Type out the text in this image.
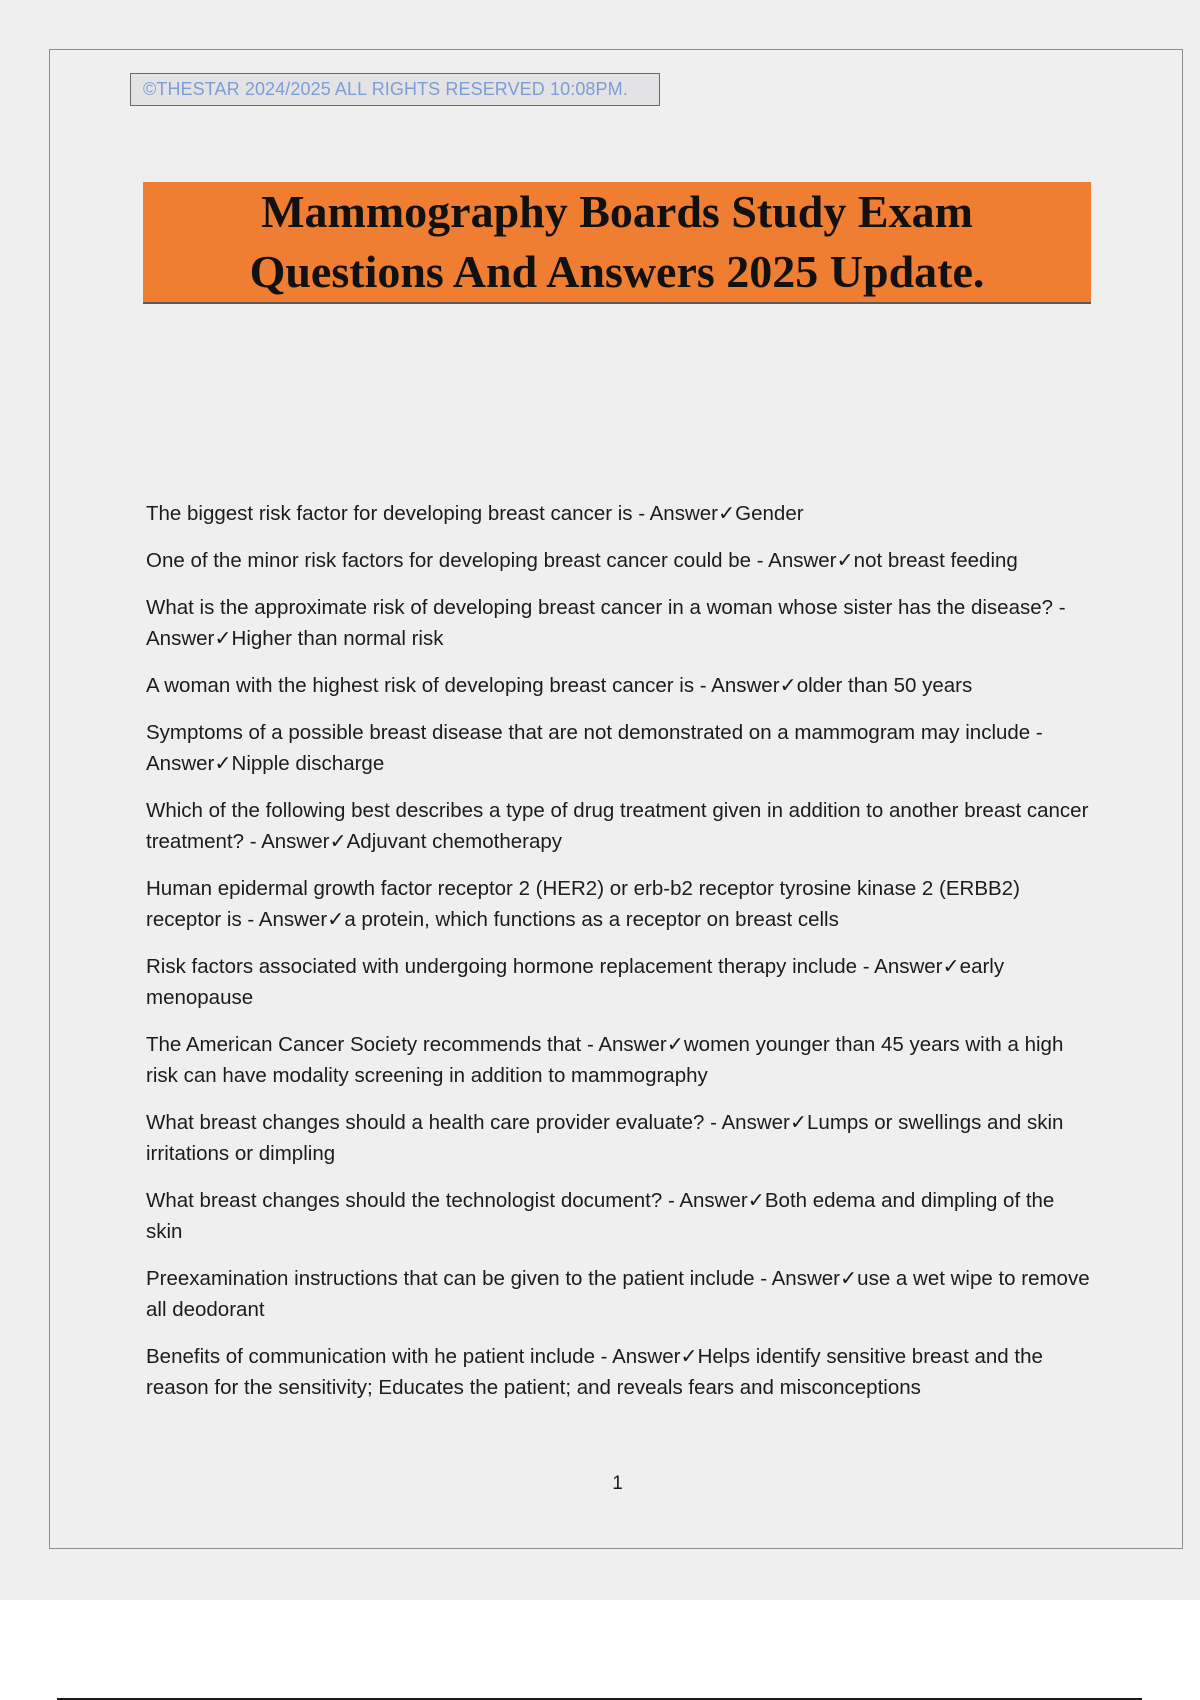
©THESTAR 2024/2025 ALL RIGHTS RESERVED 10:08PM.
Mammography Boards Study Exam
Questions And Answers 2025 Update.

The biggest risk factor for developing breast cancer is - Answer✓Gender

One of the minor risk factors for developing breast cancer could be - Answer✓not breast feeding

What is the approximate risk of developing breast cancer in a woman whose sister has the disease? - Answer✓Higher than normal risk

A woman with the highest risk of developing breast cancer is - Answer✓older than 50 years

Symptoms of a possible breast disease that are not demonstrated on a mammogram may include - Answer✓Nipple discharge

Which of the following best describes a type of drug treatment given in addition to another breast cancer treatment? - Answer✓Adjuvant chemotherapy

Human epidermal growth factor receptor 2 (HER2) or erb-b2 receptor tyrosine kinase 2 (ERBB2) receptor is - Answer✓a protein, which functions as a receptor on breast cells

Risk factors associated with undergoing hormone replacement therapy include - Answer✓early menopause

The American Cancer Society recommends that - Answer✓women younger than 45 years with a high risk can have modality screening in addition to mammography

What breast changes should a health care provider evaluate? - Answer✓Lumps or swellings and skin irritations or dimpling

What breast changes should the technologist document? - Answer✓Both edema and dimpling of the skin

Preexamination instructions that can be given to the patient include - Answer✓use a wet wipe to remove all deodorant

Benefits of communication with he patient include - Answer✓Helps identify sensitive breast and the reason for the sensitivity; Educates the patient; and reveals fears and misconceptions

1
